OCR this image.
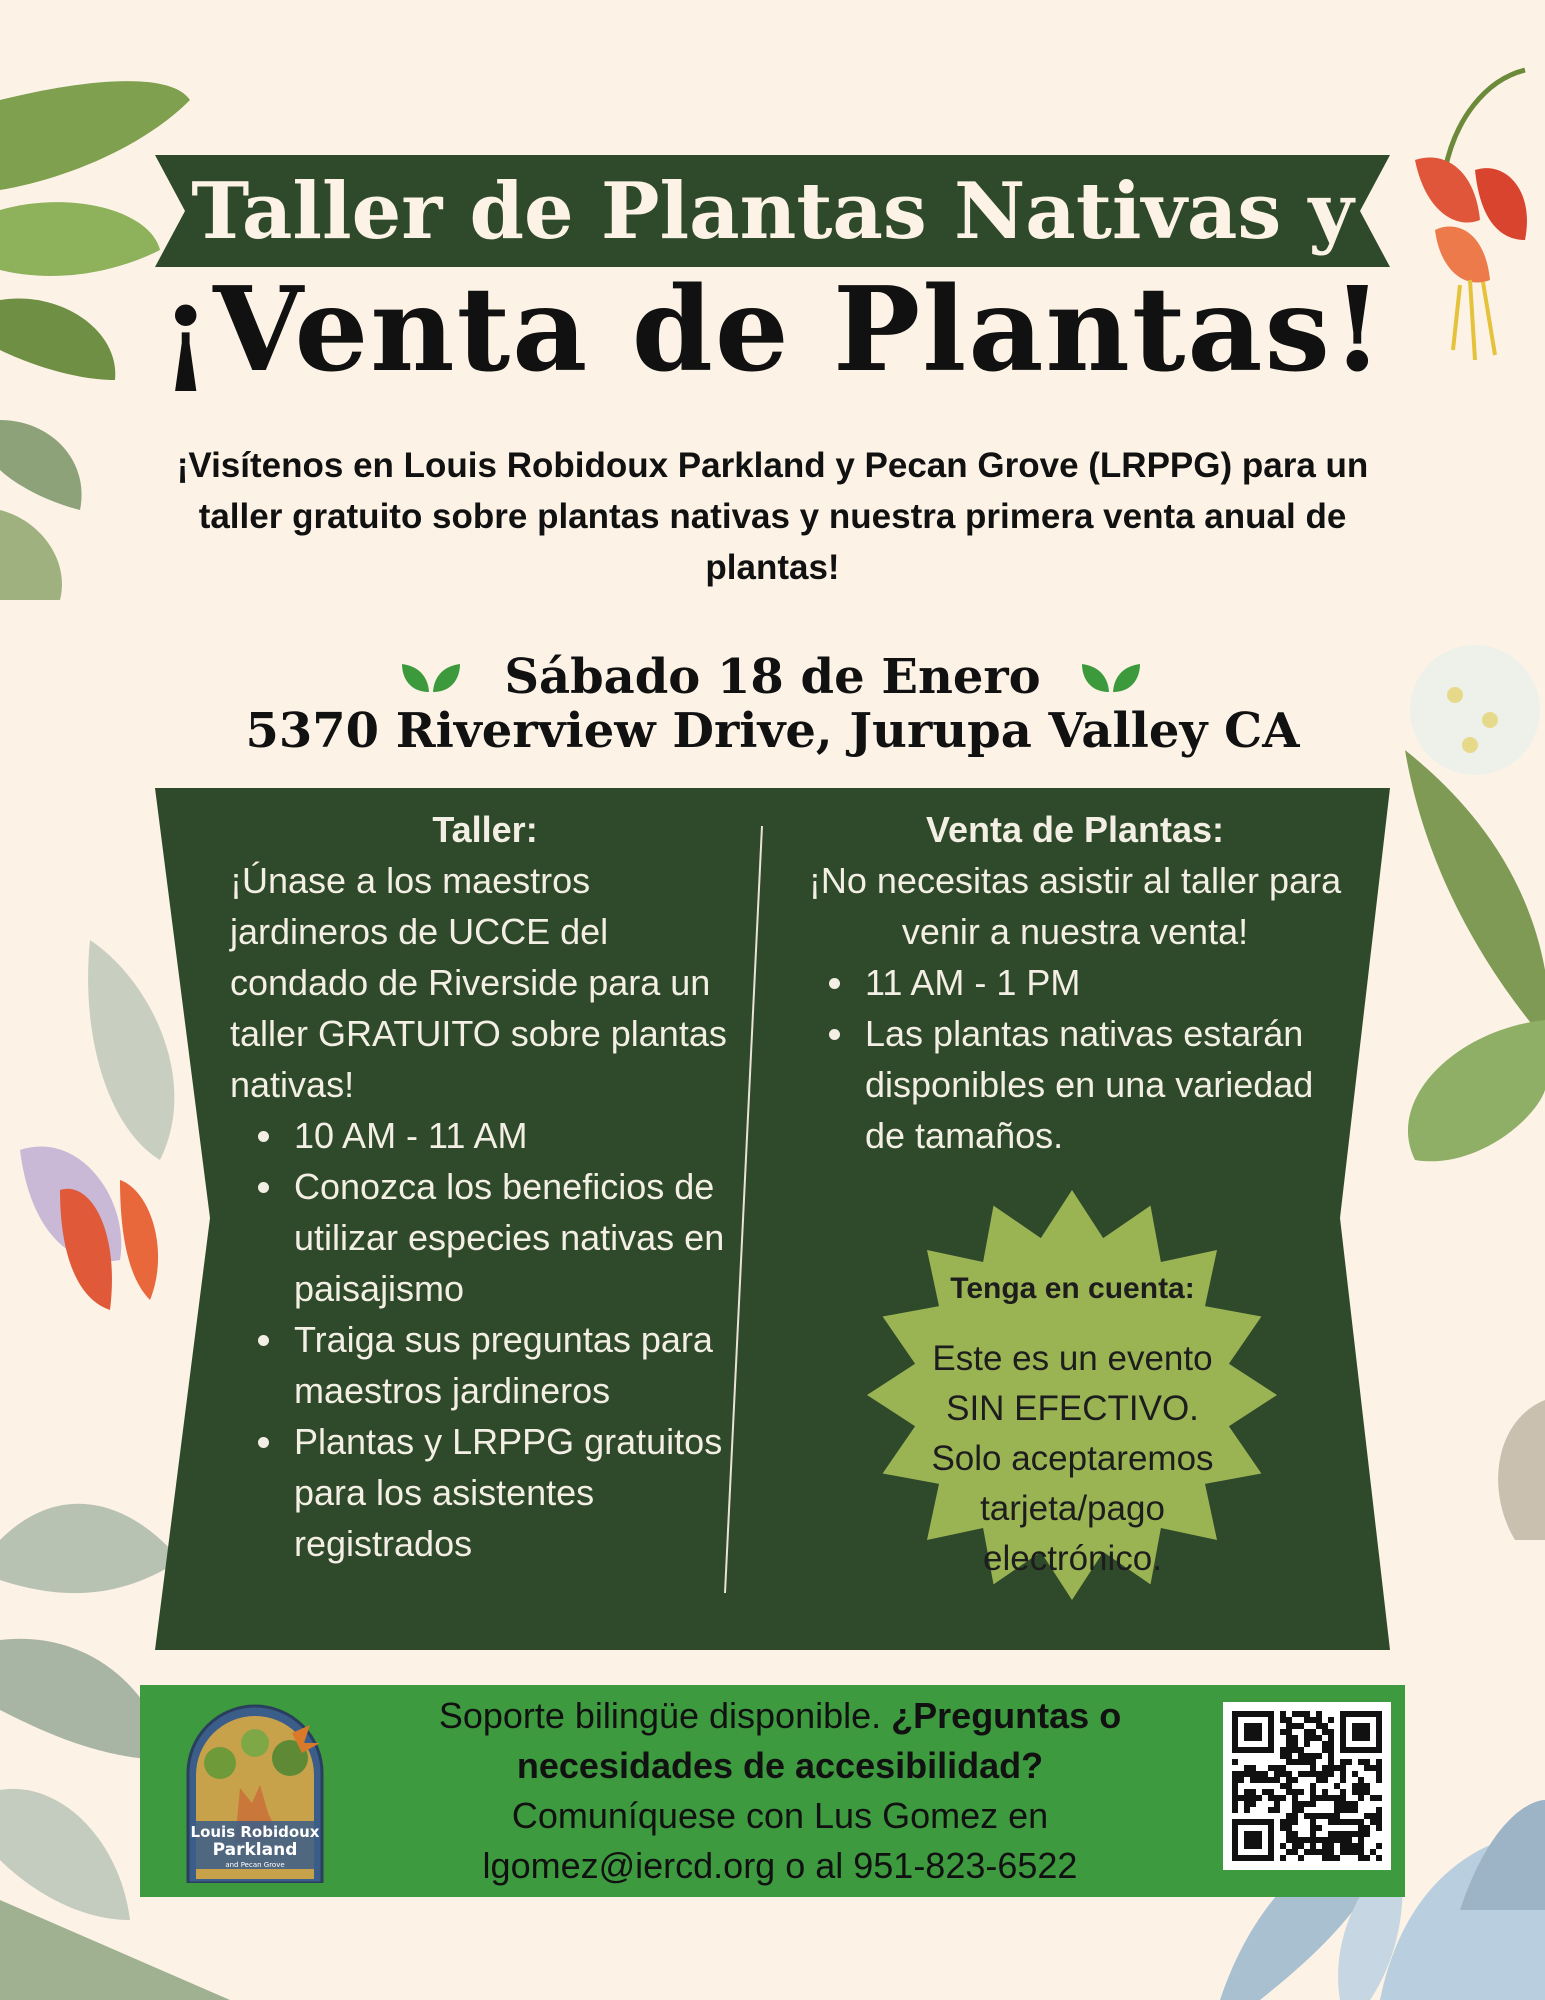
Taller de Plantas Nativas y
¡Venta de Plantas!
¡Visítenos en Louis Robidoux Parkland y Pecan Grove (LRPPG) para un taller gratuito sobre plantas nativas y nuestra primera venta anual de plantas!
Sábado 18 de Enero
5370 Riverview Drive, Jurupa Valley CA
Taller:
¡Únase a los maestros jardineros de UCCE del condado de Riverside para un taller GRATUITO sobre plantas nativas!
10 AM - 11 AM
Conozca los beneficios de utilizar especies nativas en paisajismo
Traiga sus preguntas para maestros jardineros
Plantas y LRPPG gratuitos para los asistentes registrados
Venta de Plantas:
¡No necesitas asistir al taller para venir a nuestra venta!
11 AM - 1 PM
Las plantas nativas estarán disponibles en una variedad de tamaños.
Tenga en cuenta:
Este es un evento SIN EFECTIVO. Solo aceptaremos tarjeta/pago electrónico.
Louis Robidoux
Parkland
and Pecan Grove
Soporte bilingüe disponible. ¿Preguntas o
necesidades de accesibilidad?
Comuníquese con Lus Gomez en
lgomez@iercd.org o al 951-823-6522
